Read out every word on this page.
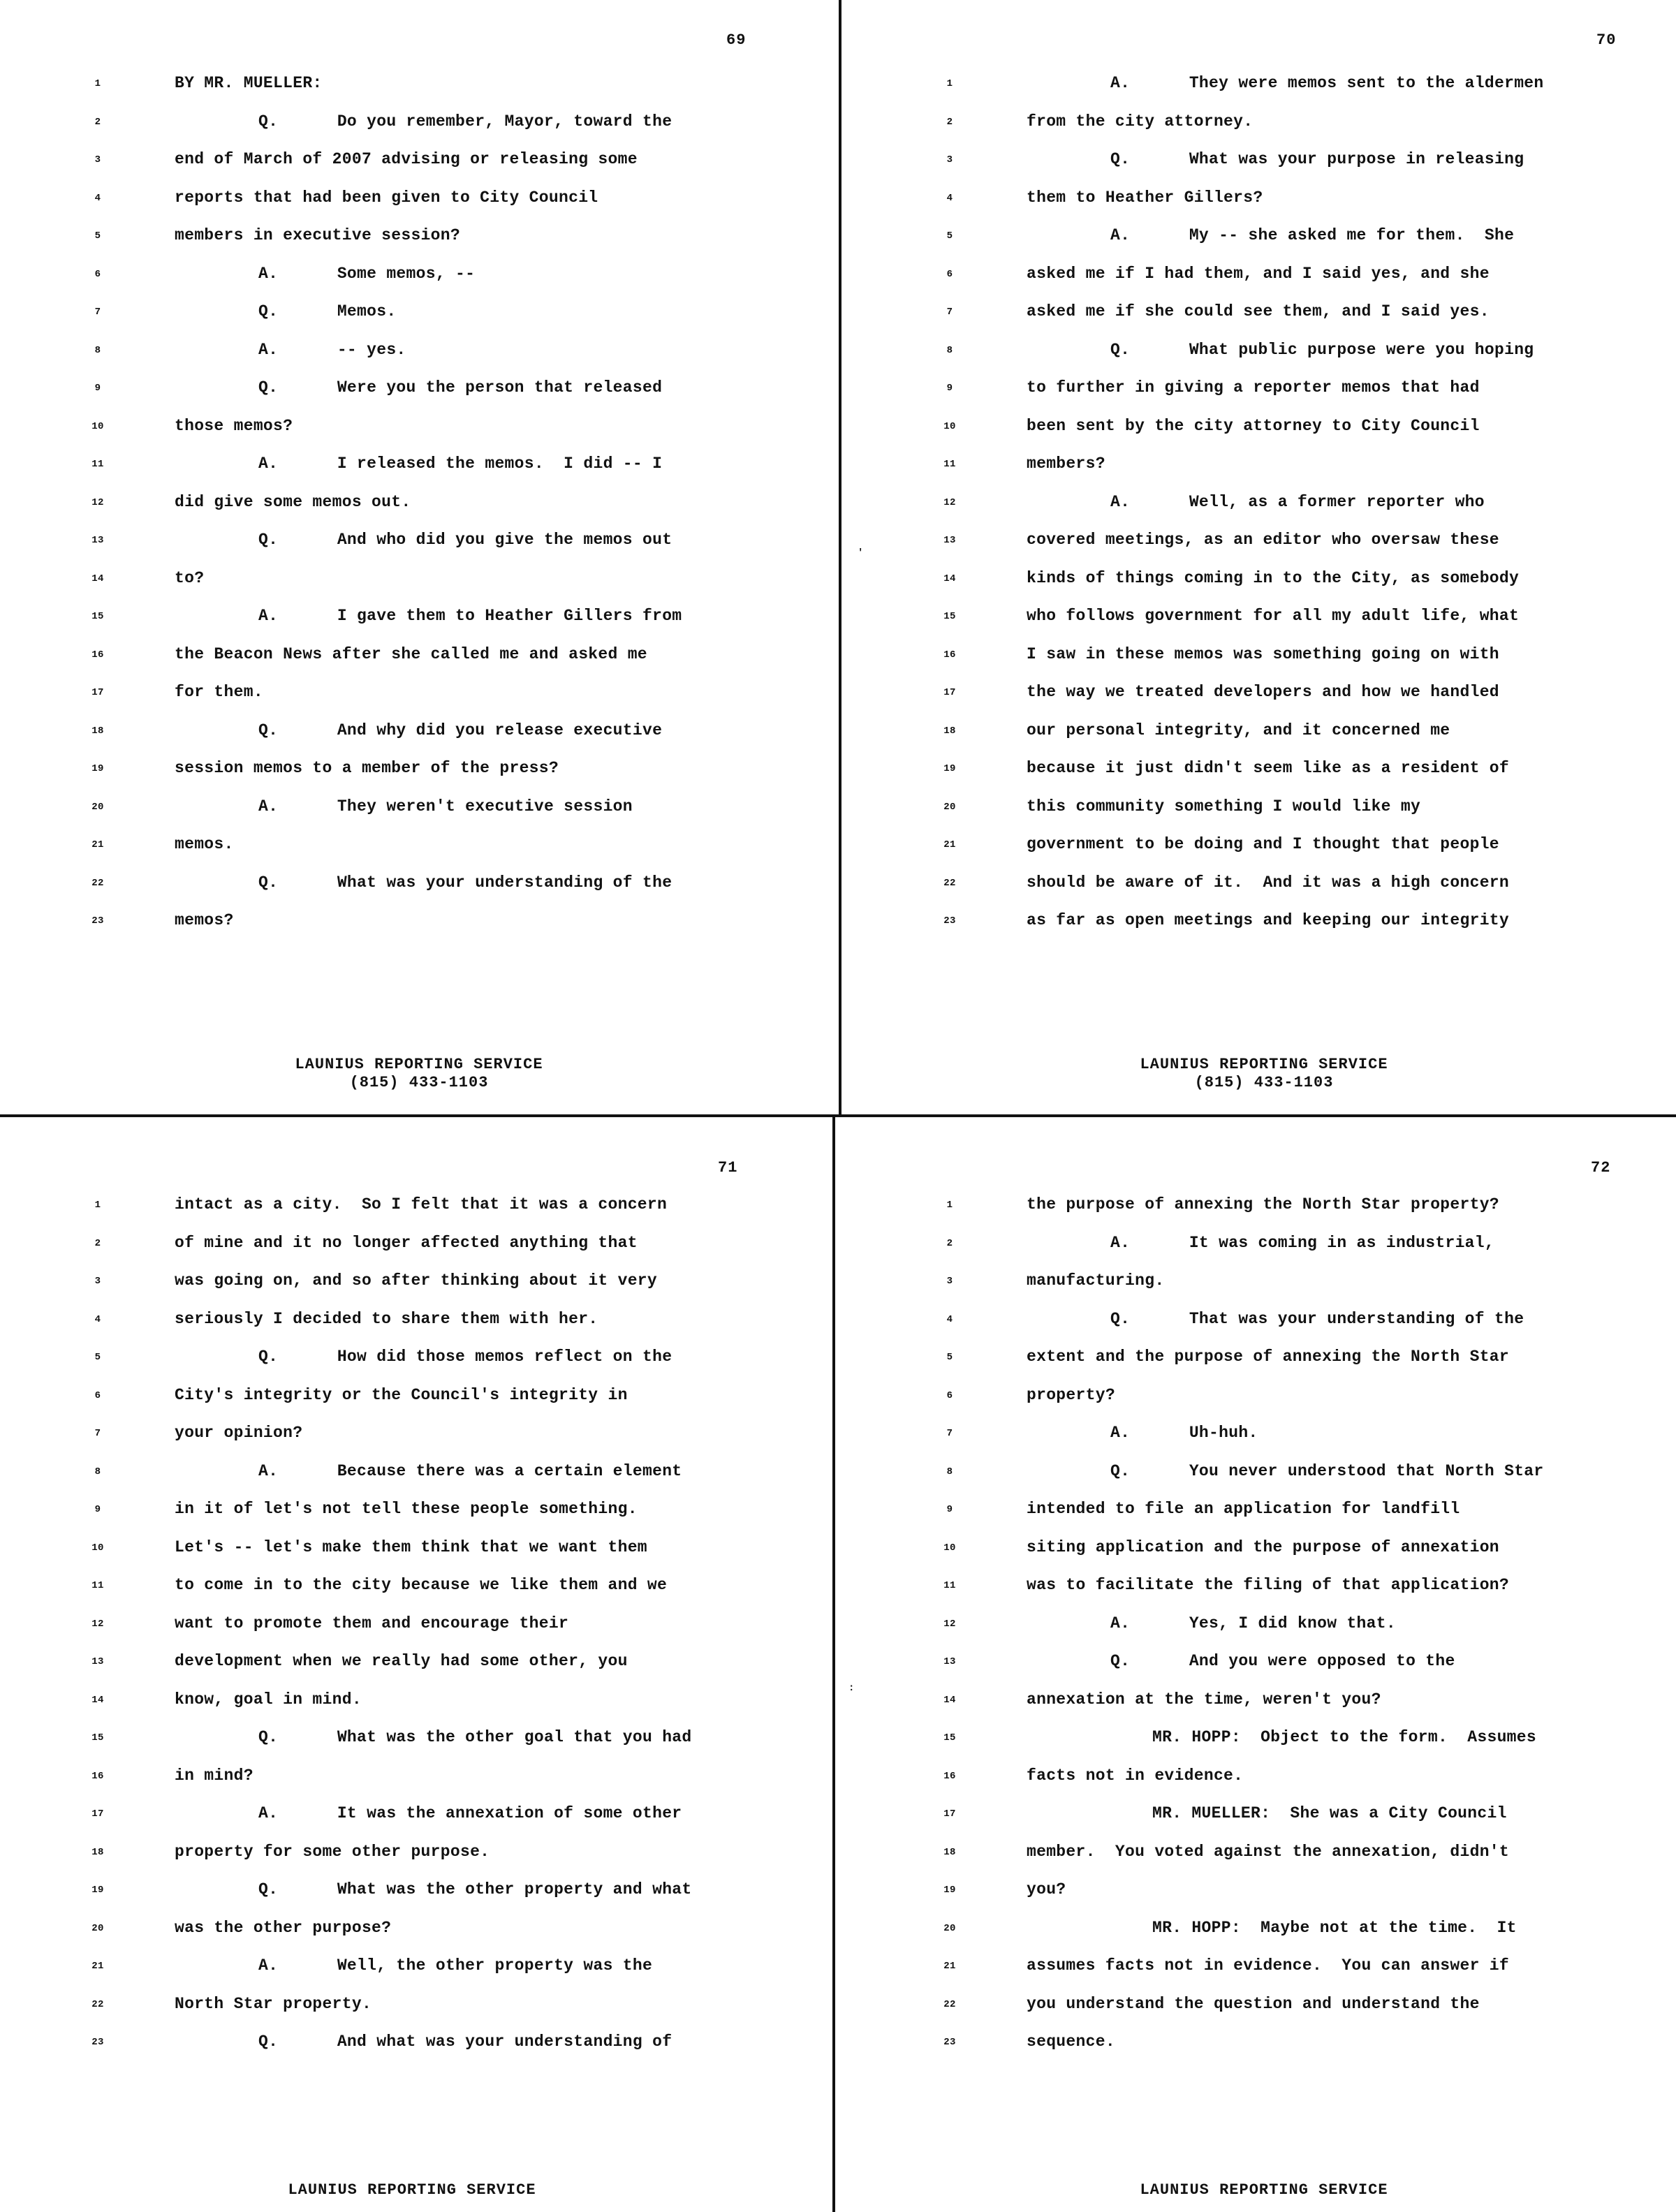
'
:
69
1	BY MR. MUELLER:
2	Q.      Do you remember, Mayor, toward the
3	end of March of 2007 advising or releasing some
4	reports that had been given to City Council
5	members in executive session?
6	A.      Some memos, --
7	Q.      Memos.
8	A.      -- yes.
9	Q.      Were you the person that released
10	those memos?
11	A.      I released the memos.  I did -- I
12	did give some memos out.
13	Q.      And who did you give the memos out
14	to?
15	A.      I gave them to Heather Gillers from
16	the Beacon News after she called me and asked me
17	for them.
18	Q.      And why did you release executive
19	session memos to a member of the press?
20	A.      They weren't executive session
21	memos.
22	Q.      What was your understanding of the
23	memos?
LAUNIUS REPORTING SERVICE
(815) 433-1103
70
1	A.      They were memos sent to the aldermen
2	from the city attorney.
3	Q.      What was your purpose in releasing
4	them to Heather Gillers?
5	A.      My -- she asked me for them.  She
6	asked me if I had them, and I said yes, and she
7	asked me if she could see them, and I said yes.
8	Q.      What public purpose were you hoping
9	to further in giving a reporter memos that had
10	been sent by the city attorney to City Council
11	members?
12	A.      Well, as a former reporter who
13	covered meetings, as an editor who oversaw these
14	kinds of things coming in to the City, as somebody
15	who follows government for all my adult life, what
16	I saw in these memos was something going on with
17	the way we treated developers and how we handled
18	our personal integrity, and it concerned me
19	because it just didn't seem like as a resident of
20	this community something I would like my
21	government to be doing and I thought that people
22	should be aware of it.  And it was a high concern
23	as far as open meetings and keeping our integrity
LAUNIUS REPORTING SERVICE
(815) 433-1103
71
1	intact as a city.  So I felt that it was a concern
2	of mine and it no longer affected anything that
3	was going on, and so after thinking about it very
4	seriously I decided to share them with her.
5	Q.      How did those memos reflect on the
6	City's integrity or the Council's integrity in
7	your opinion?
8	A.      Because there was a certain element
9	in it of let's not tell these people something.
10	Let's -- let's make them think that we want them
11	to come in to the city because we like them and we
12	want to promote them and encourage their
13	development when we really had some other, you
14	know, goal in mind.
15	Q.      What was the other goal that you had
16	in mind?
17	A.      It was the annexation of some other
18	property for some other purpose.
19	Q.      What was the other property and what
20	was the other purpose?
21	A.      Well, the other property was the
22	North Star property.
23	Q.      And what was your understanding of
LAUNIUS REPORTING SERVICE
72
1	the purpose of annexing the North Star property?
2	A.      It was coming in as industrial,
3	manufacturing.
4	Q.      That was your understanding of the
5	extent and the purpose of annexing the North Star
6	property?
7	A.      Uh-huh.
8	Q.      You never understood that North Star
9	intended to file an application for landfill
10	siting application and the purpose of annexation
11	was to facilitate the filing of that application?
12	A.      Yes, I did know that.
13	Q.      And you were opposed to the
14	annexation at the time, weren't you?
15	MR. HOPP:  Object to the form.  Assumes
16	facts not in evidence.
17	MR. MUELLER:  She was a City Council
18	member.  You voted against the annexation, didn't
19	you?
20	MR. HOPP:  Maybe not at the time.  It
21	assumes facts not in evidence.  You can answer if
22	you understand the question and understand the
23	sequence.
LAUNIUS REPORTING SERVICE
